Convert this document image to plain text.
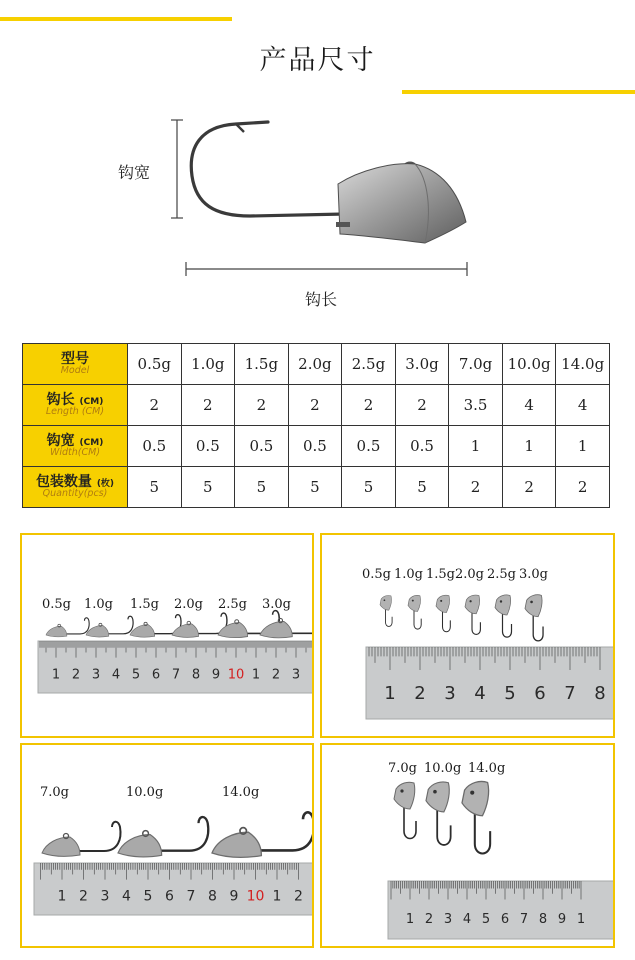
产品尺寸
钩宽
钩长
型号
Model	0.5g	1.0g	1.5g	2.0g	2.5g	3.0g	7.0g	10.0g	14.0g

钩长 (CM)
Length (CM)	2	2	2	2	2	2	3.5	4	4

钩宽 (CM)
Width(CM)	0.5	0.5	0.5	0.5	0.5	0.5	1	1	1

包装数量 (枚)
Quantity(pcs)	5	5	5	5	5	5	2	2	2
1 2 3 4 5 6 7 8 9 10 1 2 3
0.5g 1.0g 1.5g 2.0g 2.5g 3.0g
1 2 3 4 5 6 7 8
0.5g 1.0g 1.5g 2.0g 2.5g 3.0g
1 2 3 4 5 6 7 8 9 10 1 2
7.0g	10.0g	14.0g
1 2 3 4 5 6 7 8 9 1
7.0g 10.0g 14.0g
